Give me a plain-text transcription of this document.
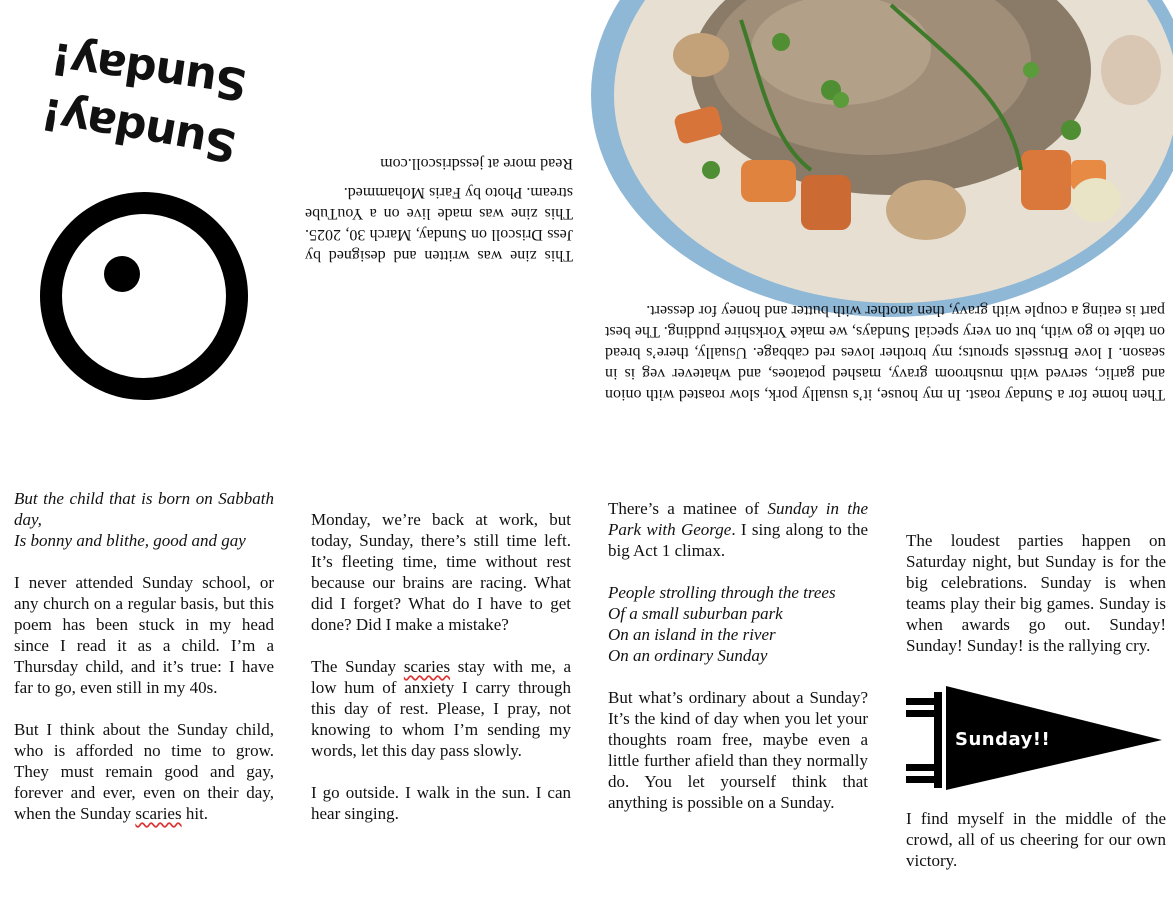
Sunday!
Sunday!

This zine was written and designed by Jess Driscoll on Sunday, March 30, 2025. This zine was made live on a YouTube stream. Photo by Faris Mohammed.

Read more at jessdriscoll.com

Then home for a Sunday roast. In my house, it’s usually pork, slow roasted with onion and garlic, served with mushroom gravy, mashed potatoes, and whatever veg is in season. I love Brussels sprouts; my brother loves red cabbage. Usually, there’s bread on table to go with, but on very special Sundays, we make Yorkshire pudding. The best part is eating a couple with gravy, then another with butter and honey for dessert.

But the child that is born on Sabbath day,
Is bonny and blithe, good and gay

I never attended Sunday school, or any church on a regular basis, but this poem has been stuck in my head since I read it as a child. I’m a Thursday child, and it’s true: I have far to go, even still in my 40s.

But I think about the Sunday child, who is afforded no time to grow. They must remain good and gay, forever and ever, even on their day, when the Sunday scaries hit.

Monday, we’re back at work, but today, Sunday, there’s still time left. It’s fleeting time, time without rest because our brains are racing. What did I forget? What do I have to get done? Did I make a mistake?

The Sunday scaries stay with me, a low hum of anxiety I carry through this day of rest. Please, I pray, not knowing to whom I’m sending my words, let this day pass slowly.

I go outside. I walk in the sun. I can hear singing.

There’s a matinee of Sunday in the Park with George. I sing along to the big Act 1 climax.

People strolling through the trees
Of a small suburban park
On an island in the river
On an ordinary Sunday

But what’s ordinary about a Sunday? It’s the kind of day when you let your thoughts roam free, maybe even a little further afield than they normally do. You let yourself think that anything is possible on a Sunday.

The loudest parties happen on Saturday night, but Sunday is for the big celebrations. Sunday is when teams play their big games. Sunday is when awards go out. Sunday! Sunday! Sunday! is the rallying cry.

Sunday!!

I find myself in the middle of the crowd, all of us cheering for our own victory.
